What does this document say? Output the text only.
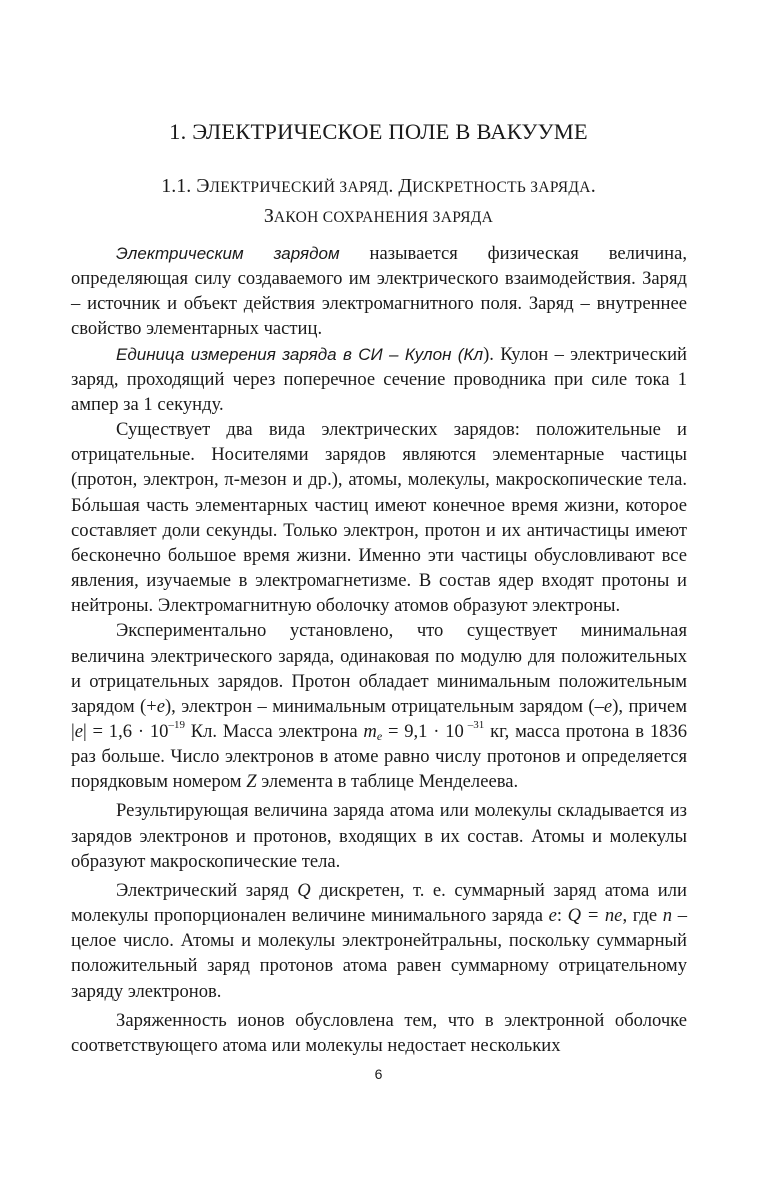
1. ЭЛЕКТРИЧЕСКОЕ ПОЛЕ В ВАКУУМЕ
1.1. ЭЛЕКТРИЧЕСКИЙ ЗАРЯД. ДИСКРЕТНОСТЬ ЗАРЯДА.
ЗАКОН СОХРАНЕНИЯ ЗАРЯДА

Электрическим зарядом называется физическая величина, определяющая силу создаваемого им электрического взаимодействия. Заряд – источник и объект действия электромагнитного поля. Заряд – внутреннее свойство элементарных частиц.

Единица измерения заряда в СИ – Кулон (Кл). Кулон – электрический заряд, проходящий через поперечное сечение проводника при силе тока 1 ампер за 1 секунду.

Существует два вида электрических зарядов: положительные и отрицательные. Носителями зарядов являются элементарные частицы (протон, электрон, π-мезон и др.), атомы, молекулы, макроскопические тела. Бóльшая часть элементарных частиц имеют конечное время жизни, которое составляет доли секунды. Только электрон, протон и их античастицы имеют бесконечно большое время жизни. Именно эти частицы обусловливают все явления, изучаемые в электромагнетизме. В состав ядер входят протоны и нейтроны. Электромагнитную оболочку атомов образуют электроны.

Экспериментально установлено, что существует минимальная величина электрического заряда, одинаковая по модулю для положительных и отрицательных зарядов. Протон обладает минимальным положительным зарядом (+e), электрон – минимальным отрицательным зарядом (–e), причем $|e| = 1,6 \cdot 10^{-19}$ Кл. Масса электрона $m_e = 9,1 \cdot 10$ $^{-31}$ кг, масса протона в 1836 раз больше. Число электронов в атоме равно числу протонов и определяется порядковым номером Z элемента в таблице Менделеева.

Результирующая величина заряда атома или молекулы складывается из зарядов электронов и протонов, входящих в их состав. Атомы и молекулы образуют макроскопические тела.

Электрический заряд Q дискретен, т. е. суммарный заряд атома или молекулы пропорционален величине минимального заряда e: Q = ne, где n – целое число. Атомы и молекулы электронейтральны, поскольку суммарный положительный заряд протонов атома равен суммарному отрицательному заряду электронов.

Заряженность ионов обусловлена тем, что в электронной оболочке соответствующего атома или молекулы недостает нескольких

6
